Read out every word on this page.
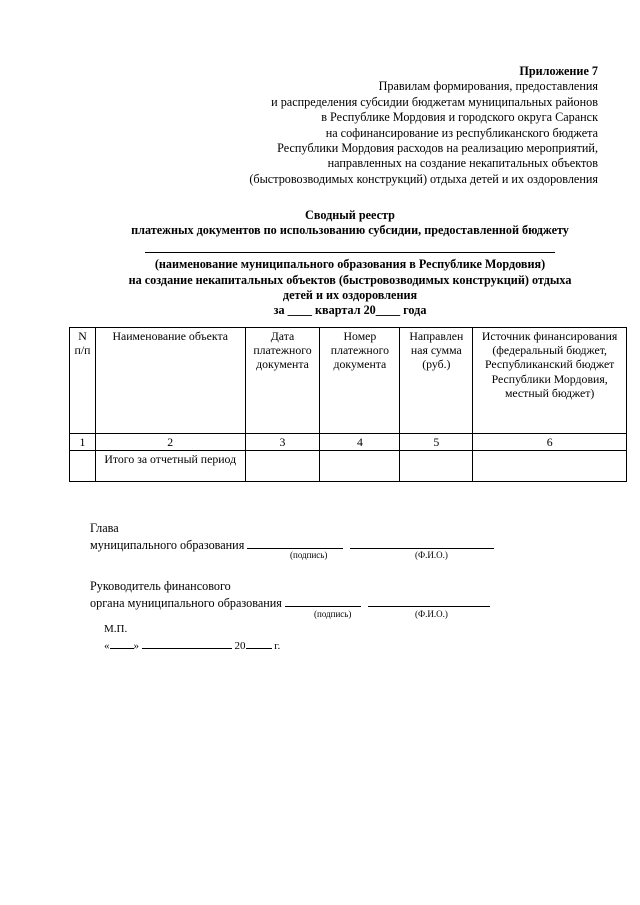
Приложение 7
Правилам формирования, предоставления
и распределения субсидии бюджетам муниципальных районов
в Республике Мордовия и городского округа Саранск
на софинансирование из республиканского бюджета
Республики Мордовия расходов на реализацию мероприятий,
направленных на создание некапитальных объектов
(быстровозводимых конструкций) отдыха детей и их оздоровления
Сводный реестр
платежных документов по использованию субсидии, предоставленной бюджету
(наименование муниципального образования в Республике Мордовия)
на создание некапитальных объектов (быстровозводимых конструкций) отдыха
детей и их оздоровления
за ____ квартал 20____ года
N п/п	Наименование объекта	Дата платежного документа	Номер платежного документа	Направлен ная сумма (руб.)	Источник финансирования (федеральный бюджет, Республиканский бюджет Республики Мордовия, местный бюджет)
1	2	3	4	5	6
	Итого за отчетный период				
Глава
муниципального образования
(подпись)	(Ф.И.О.)
Руководитель финансового
органа муниципального образования
(подпись)	(Ф.И.О.)
М.П.
« »	20	г.
